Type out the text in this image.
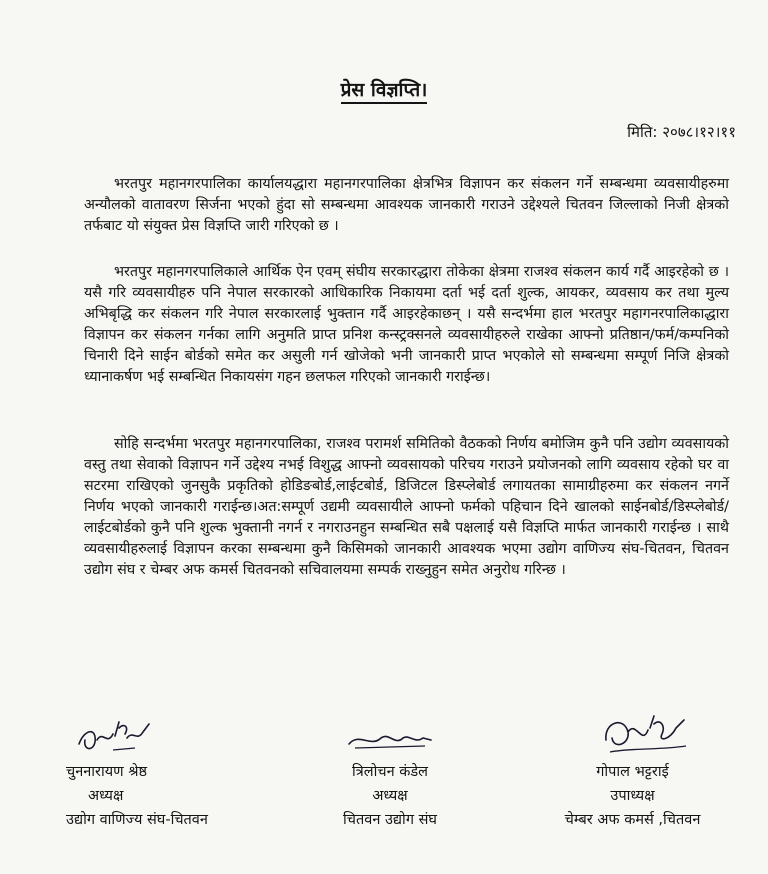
प्रेस विज्ञप्ति।
मिति: २०७८।१२।११

भरतपुर महानगरपालिका कार्यालयद्धारा महानगरपालिका क्षेत्रभित्र विज्ञापन कर संकलन गर्ने सम्बन्धमा व्यवसायीहरुमा अन्यौलको वातावरण सिर्जना भएको हुंदा सो सम्बन्धमा आवश्यक जानकारी गराउने उद्देश्यले चितवन जिल्लाको निजी क्षेत्रको तर्फबाट यो संयुक्त प्रेस विज्ञप्ति जारी गरिएको छ ।

भरतपुर महानगरपालिकाले आर्थिक ऐन एवम् संघीय सरकारद्धारा तोकेका क्षेत्रमा राजश्व संकलन कार्य गर्दै आइरहेको छ । यसै गरि व्यवसायीहरु पनि नेपाल सरकारको आधिकारिक निकायमा दर्ता भई दर्ता शुल्क, आयकर, व्यवसाय कर तथा मुल्य अभिबृद्धि कर संकलन गरि नेपाल सरकारलाई भुक्तान गर्दै आइरहेकाछन् । यसै सन्दर्भमा हाल भरतपुर महागनरपालिकाद्धारा विज्ञापन कर संकलन गर्नका लागि अनुमति प्राप्त प्रनिश कन्स्ट्रक्सनले व्यवसायीहरुले राखेका आफ्नो प्रतिष्ठान/फर्म/कम्पनिको चिनारी दिने साईन बोर्डको समेत कर असुली गर्न खोजेको भनी जानकारी प्राप्त भएकोले सो सम्बन्धमा सम्पूर्ण निजि क्षेत्रको ध्यानाकर्षण भई सम्बन्धित निकायसंग गहन छलफल गरिएको जानकारी गराईन्छ।

सोहि सन्दर्भमा भरतपुर महानगरपालिका, राजश्व परामर्श समितिको वैठकको निर्णय बमोजिम कुनै पनि उद्योग व्यवसायको वस्तु तथा सेवाको विज्ञापन गर्ने उद्देश्य नभई विशुद्ध आफ्नो व्यवसायको परिचय गराउने प्रयोजनको लागि व्यवसाय रहेको घर वा सटरमा राखिएको जुनसुकै प्रकृतिको होडिङबोर्ड,लाईटबोर्ड, डिजिटल डिस्प्लेबोर्ड लगायतका सामाग्रीहरुमा कर संकलन नगर्ने निर्णय भएको जानकारी गराईन्छ।अत:सम्पूर्ण उद्यमी व्यवसायीले आफ्नो फर्मको पहिचान दिने खालको साईनबोर्ड/डिस्प्लेबोर्ड/लाईटबोर्डको कुनै पनि शुल्क भुक्तानी नगर्न र नगराउनहुन सम्बन्धित सबै पक्षलाई यसै विज्ञप्ति मार्फत जानकारी गराईन्छ । साथै व्यवसायीहरुलाई विज्ञापन करका सम्बन्धमा कुनै किसिमको जानकारी आवश्यक भएमा उद्योग वाणिज्य संघ-चितवन, चितवन उद्योग संघ र चेम्बर अफ कमर्स चितवनको सचिवालयमा सम्पर्क राख्नुहुन समेत अनुरोध गरिन्छ ।

चुननारायण श्रेष्ठ
अध्यक्ष
उद्योग वाणिज्य संघ-चितवन
त्रिलोचन कंडेल
अध्यक्ष
चितवन उद्योग संघ
गोपाल भट्टराई
उपाध्यक्ष
चेम्बर अफ कमर्स ,चितवन
